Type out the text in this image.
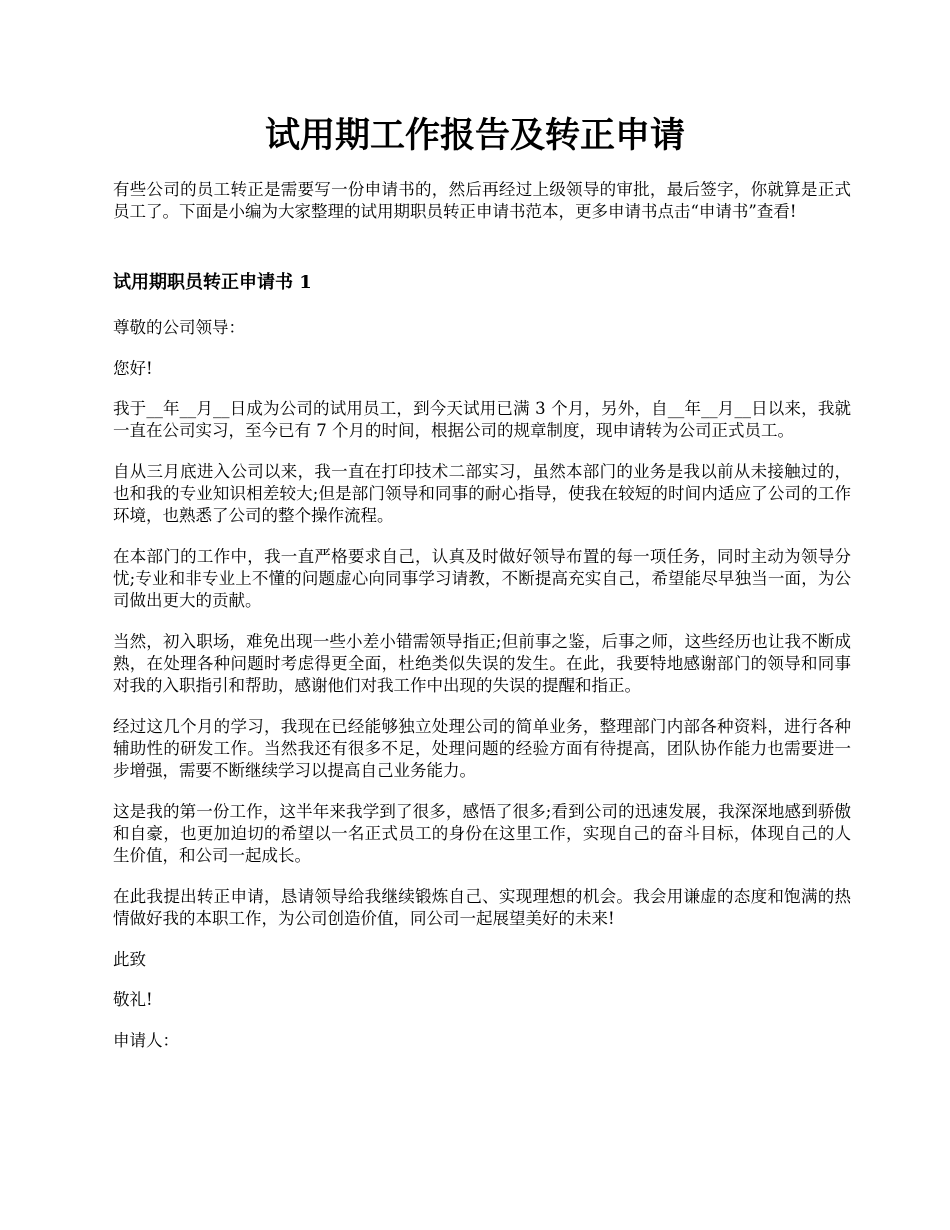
试用期工作报告及转正申请

有些公司的员工转正是需要写一份申请书的，然后再经过上级领导的审批，最后签字，你就算是正式员工了。下面是小编为大家整理的试用期职员转正申请书范本，更多申请书点击“申请书”查看!

试用期职员转正申请书 1

尊敬的公司领导：

您好!

我于__年__月__日成为公司的试用员工，到今天试用已满 3 个月，另外，自__年__月__日以来，我就一直在公司实习，至今已有 7 个月的时间，根据公司的规章制度，现申请转为公司正式员工。

自从三月底进入公司以来，我一直在打印技术二部实习，虽然本部门的业务是我以前从未接触过的，也和我的专业知识相差较大;但是部门领导和同事的耐心指导，使我在较短的时间内适应了公司的工作环境，也熟悉了公司的整个操作流程。

在本部门的工作中，我一直严格要求自己，认真及时做好领导布置的每一项任务，同时主动为领导分忧;专业和非专业上不懂的问题虚心向同事学习请教，不断提高充实自己，希望能尽早独当一面，为公司做出更大的贡献。

当然，初入职场，难免出现一些小差小错需领导指正;但前事之鉴，后事之师，这些经历也让我不断成熟，在处理各种问题时考虑得更全面，杜绝类似失误的发生。在此，我要特地感谢部门的领导和同事对我的入职指引和帮助，感谢他们对我工作中出现的失误的提醒和指正。

经过这几个月的学习，我现在已经能够独立处理公司的简单业务，整理部门内部各种资料，进行各种辅助性的研发工作。当然我还有很多不足，处理问题的经验方面有待提高，团队协作能力也需要进一步增强，需要不断继续学习以提高自己业务能力。

这是我的第一份工作，这半年来我学到了很多，感悟了很多;看到公司的迅速发展，我深深地感到骄傲和自豪，也更加迫切的希望以一名正式员工的身份在这里工作，实现自己的奋斗目标，体现自己的人生价值，和公司一起成长。

在此我提出转正申请，恳请领导给我继续锻炼自己、实现理想的机会。我会用谦虚的态度和饱满的热情做好我的本职工作，为公司创造价值，同公司一起展望美好的未来!

此致

敬礼!

申请人：
